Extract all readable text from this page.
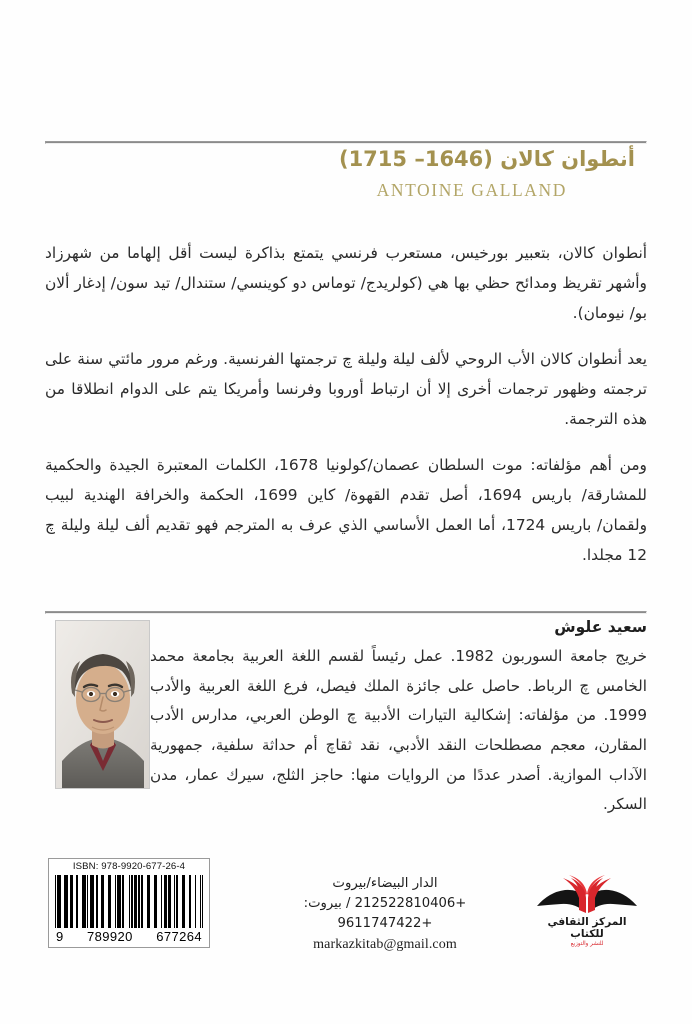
أنطوان كالان (1646– 1715)
ANTOINE GALLAND

أنطوان كالان، بتعبير بورخيس، مستعرب فرنسي يتمتع بذاكرة ليست أقل إلهاما من شهرزاد وأشهر تقريظ ومدائح حظي بها هي (كولريدج/ توماس دو كوينسي/ ستندال/ تيد سون/ إدغار ألان بو/ نيومان).

يعد أنطوان كالان الأب الروحي لألف ليلة وليلة ﭺ ترجمتها الفرنسية. ورغم مرور مائتي سنة على ترجمته وظهور ترجمات أخرى إلا أن ارتباط أوروبا وفرنسا وأمريكا يتم على الدوام انطلاقا من هذه الترجمة.

ومن أهم مؤلفاته: موت السلطان عصمان/كولونيا 1678، الكلمات المعتبرة الجيدة والحكمية للمشارقة/ باريس 1694، أصل تقدم القهوة/ كاين 1699، الحكمة والخرافة الهندية لبيب ولقمان/ باريس 1724، أما العمل الأساسي الذي عرف به المترجم فهو تقديم ألف ليلة وليلة ﭺ 12 مجلدا.

سعيد علوش

خريج جامعة السوربون 1982. عمل رئيساً لقسم اللغة العربية بجامعة محمد الخامس ﭺ الرباط. حاصل على جائزة الملك فيصل، فرع اللغة العربية والأدب 1999. من مؤلفاته: إشكالية التيارات الأدبية ﭺ الوطن العربي، مدارس الأدب المقارن، معجم مصطلحات النقد الأدبي، نقد ثقاﭺ أم حداثة سلفية، جمهورية الآداب الموازية. أصدر عددًا من الروايات منها: حاجز الثلج، سيرك عمار، مدن السكر.

ISBN: 978-9920-677-26-4
9 789920 677264
الدار البيضاء/بيروت
+212522810406 / بيروت: +9611747422
markazkitab@gmail.com
المركز الثقافي للكتاب
للنشر والتوزيع
